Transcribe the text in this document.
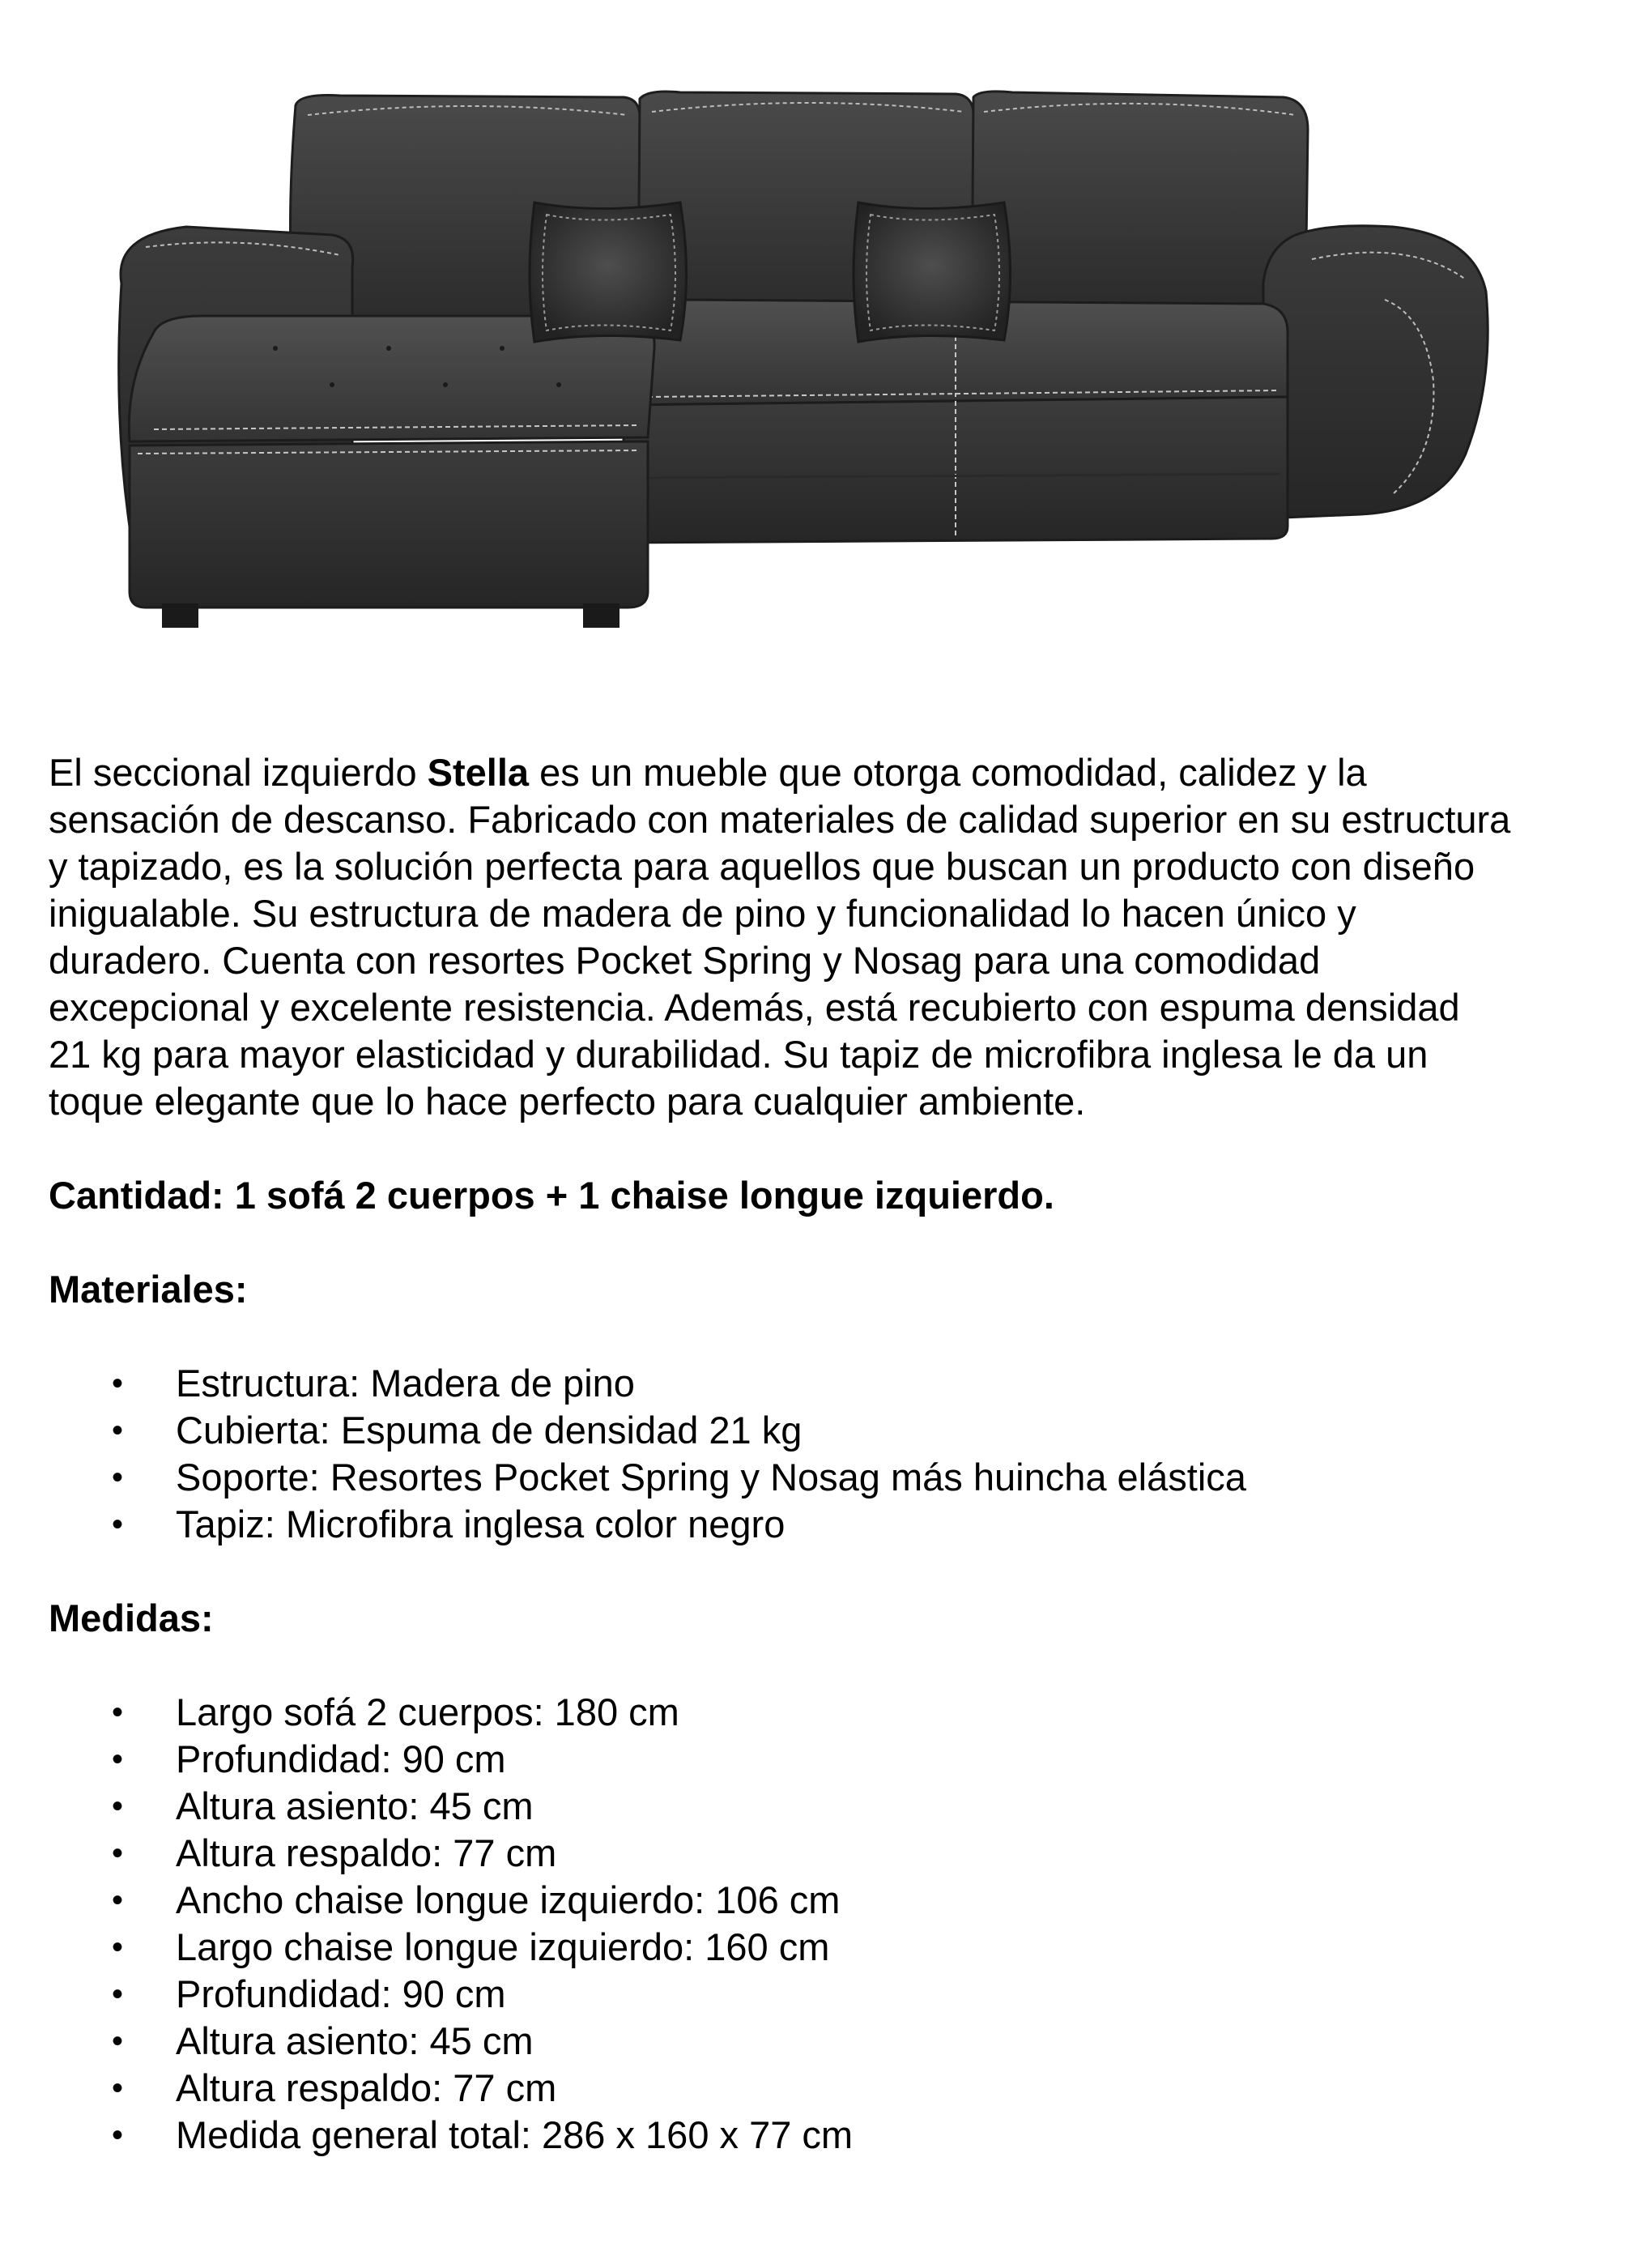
El seccional izquierdo Stella es un mueble que otorga comodidad, calidez y la
sensación de descanso. Fabricado con materiales de calidad superior en su estructura
y tapizado, es la solución perfecta para aquellos que buscan un producto con diseño
inigualable. Su estructura de madera de pino y funcionalidad lo hacen único y
duradero. Cuenta con resortes Pocket Spring y Nosag para una comodidad
excepcional y excelente resistencia. Además, está recubierto con espuma densidad
21 kg para mayor elasticidad y durabilidad. Su tapiz de microfibra inglesa le da un
toque elegante que lo hace perfecto para cualquier ambiente.

Cantidad: 1 sofá 2 cuerpos + 1 chaise longue izquierdo.

Materiales:

• Estructura: Madera de pino
• Cubierta: Espuma de densidad 21 kg
• Soporte: Resortes Pocket Spring y Nosag más huincha elástica
• Tapiz: Microfibra inglesa color negro

Medidas:

• Largo sofá 2 cuerpos: 180 cm
• Profundidad: 90 cm
• Altura asiento: 45 cm
• Altura respaldo: 77 cm
• Ancho chaise longue izquierdo: 106 cm
• Largo chaise longue izquierdo: 160 cm
• Profundidad: 90 cm
• Altura asiento: 45 cm
• Altura respaldo: 77 cm
• Medida general total: 286 x 160 x 77 cm
